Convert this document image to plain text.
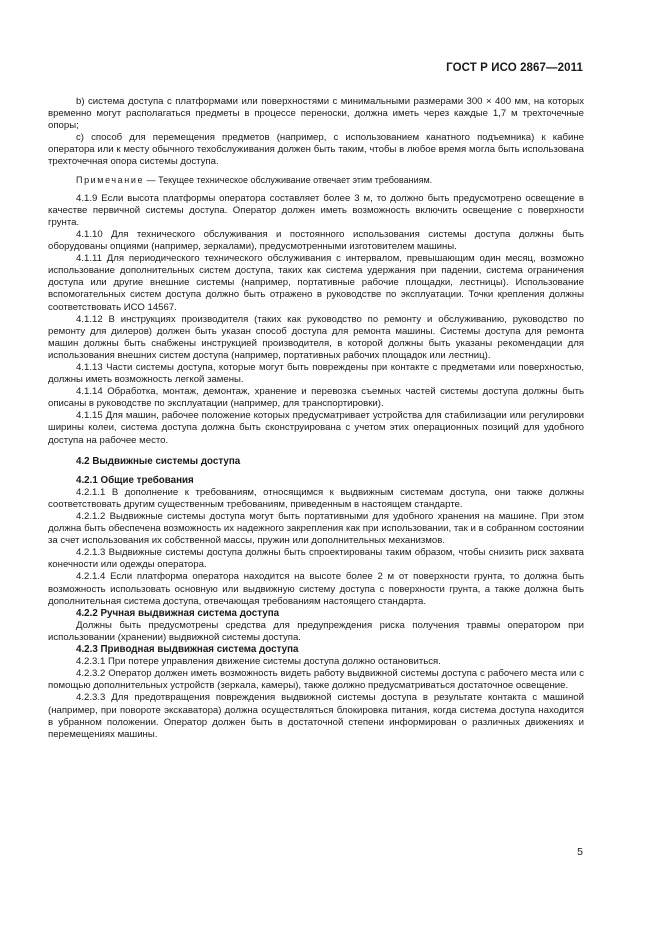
ГОСТ Р ИСО 2867—2011

b) система доступа с платформами или поверхностями с минимальными размерами 300 × 400 мм, на которых временно могут располагаться предметы в процессе переноски, должна иметь через каждые 1,7 м трехточечные опоры;

c) способ для перемещения предметов (например, с использованием канатного подъемника) к кабине оператора или к месту обычного техобслуживания должен быть таким, чтобы в любое время могла быть использована трехточечная опора системы доступа.

Примечание — Текущее техническое обслуживание отвечает этим требованиям.

4.1.9 Если высота платформы оператора составляет более 3 м, то должно быть предусмотрено освещение в качестве первичной системы доступа. Оператор должен иметь возможность включить освещение с поверхности грунта.

4.1.10 Для технического обслуживания и постоянного использования системы доступа должны быть оборудованы опциями (например, зеркалами), предусмотренными изготовителем машины.

4.1.11 Для периодического технического обслуживания с интервалом, превышающим один месяц, возможно использование дополнительных систем доступа, таких как система удержания при падении, система ограничения доступа или другие внешние системы (например, портативные рабочие площадки, лестницы). Использование вспомогательных систем доступа должно быть отражено в руководстве по эксплуатации. Точки крепления должны соответствовать ИСО 14567.

4.1.12 В инструкциях производителя (таких как руководство по ремонту и обслуживанию, руководство по ремонту для дилеров) должен быть указан способ доступа для ремонта машины. Системы доступа для ремонта машин должны быть снабжены инструкцией производителя, в которой должны быть указаны рекомендации для использования внешних систем доступа (например, портативных рабочих площадок или лестниц).

4.1.13 Части системы доступа, которые могут быть повреждены при контакте с предметами или поверхностью, должны иметь возможность легкой замены.

4.1.14 Обработка, монтаж, демонтаж, хранение и перевозка съемных частей системы доступа должны быть описаны в руководстве по эксплуатации (например, для транспортировки).

4.1.15 Для машин, рабочее положение которых предусматривает устройства для стабилизации или регулировки ширины колеи, система доступа должна быть сконструирована с учетом этих операционных позиций для удобного доступа на рабочее место.

4.2 Выдвижные системы доступа
4.2.1 Общие требования

4.2.1.1 В дополнение к требованиям, относящимся к выдвижным системам доступа, они также должны соответствовать другим существенным требованиям, приведенным в настоящем стандарте.

4.2.1.2 Выдвижные системы доступа могут быть портативными для удобного хранения на машине. При этом должна быть обеспечена возможность их надежного закрепления как при использовании, так и в собранном состоянии за счет использования их собственной массы, пружин или дополнительных механизмов.

4.2.1.3 Выдвижные системы доступа должны быть спроектированы таким образом, чтобы снизить риск захвата конечности или одежды оператора.

4.2.1.4 Если платформа оператора находится на высоте более 2 м от поверхности грунта, то должна быть возможность использовать основную или выдвижную систему доступа с поверхности грунта, а также должна быть дополнительная система доступа, отвечающая требованиям настоящего стандарта.

4.2.2 Ручная выдвижная система доступа

Должны быть предусмотрены средства для предупреждения риска получения травмы оператором при использовании (хранении) выдвижной системы доступа.

4.2.3 Приводная выдвижная система доступа

4.2.3.1 При потере управления движение системы доступа должно остановиться.

4.2.3.2 Оператор должен иметь возможность видеть работу выдвижной системы доступа с рабочего места или с помощью дополнительных устройств (зеркала, камеры), также должно предусматриваться достаточное освещение.

4.2.3.3 Для предотвращения повреждения выдвижной системы доступа в результате контакта с машиной (например, при повороте экскаватора) должна осуществляться блокировка питания, когда система доступа находится в убранном положении. Оператор должен быть в достаточной степени информирован о различных движениях и перемещениях машины.

5
